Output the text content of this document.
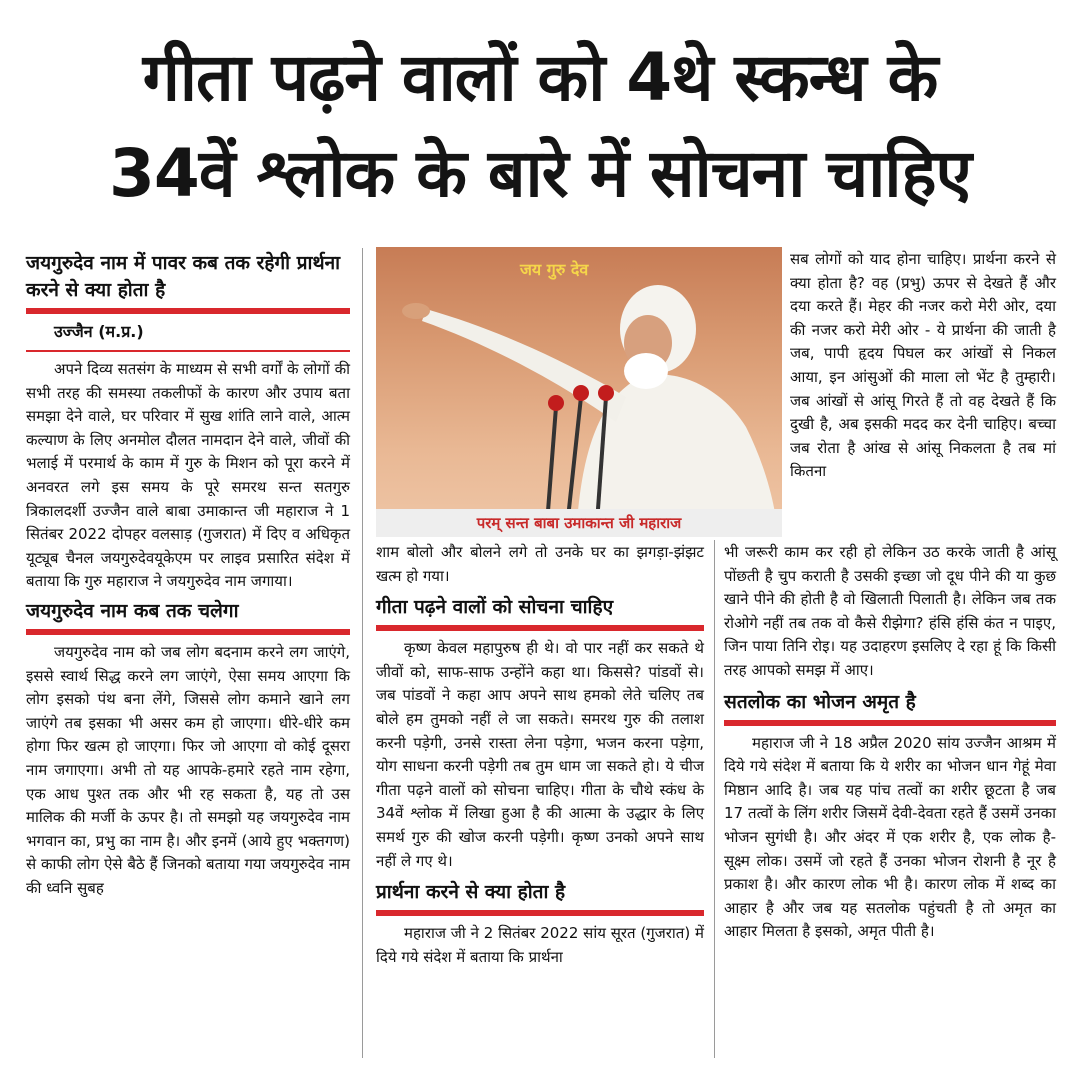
गीता पढ़ने वालों को 4थे स्कन्ध के
34वें श्लोक के बारे में सोचना चाहिए
जयगुरुदेव नाम में पावर कब तक रहेगी प्रार्थना करने से क्या होता है
उज्जैन (म.प्र.)

अपने दिव्य सतसंग के माध्यम से सभी वर्गों के लोगों की सभी तरह की समस्या तकलीफों के कारण और उपाय बता समझा देने वाले, घर परिवार में सुख शांति लाने वाले, आत्म कल्याण के लिए अनमोल दौलत नामदान देने वाले, जीवों की भलाई में परमार्थ के काम में गुरु के मिशन को पूरा करने में अनवरत लगे इस समय के पूरे समरथ सन्त सतगुरु त्रिकालदर्शी उज्जैन वाले बाबा उमाकान्त जी महाराज ने 1 सितंबर 2022 दोपहर वलसाड़ (गुजरात) में दिए व अधिकृत यूट्यूब चैनल जयगुरुदेवयूकेएम पर लाइव प्रसारित संदेश में बताया कि गुरु महाराज ने जयगुरुदेव नाम जगाया।

जयगुरुदेव नाम कब तक चलेगा

जयगुरुदेव नाम को जब लोग बदनाम करने लग जाएंगे, इससे स्वार्थ सिद्ध करने लग जाएंगे, ऐसा समय आएगा कि लोग इसको पंथ बना लेंगे, जिससे लोग कमाने खाने लग जाएंगे तब इसका भी असर कम हो जाएगा। धीरे-धीरे कम होगा फिर खत्म हो जाएगा। फिर जो आएगा वो कोई दूसरा नाम जगाएगा। अभी तो यह आपके-हमारे रहते नाम रहेगा, एक आध पुश्त तक और भी रह सकता है, यह तो उस मालिक की मर्जी के ऊपर है। तो समझो यह जयगुरुदेव नाम भगवान का, प्रभु का नाम है। और इनमें (आये हुए भक्तगण) से काफी लोग ऐसे बैठे हैं जिनको बताया गया जयगुरुदेव नाम की ध्वनि सुबह

जय गुरु देव
परम् सन्त बाबा उमाकान्त जी महाराज

शाम बोलो और बोलने लगे तो उनके घर का झगड़ा-झंझट खत्म हो गया।

गीता पढ़ने वालों को सोचना चाहिए

कृष्ण केवल महापुरुष ही थे। वो पार नहीं कर सकते थे जीवों को, साफ-साफ उन्होंने कहा था। किससे? पांडवों से। जब पांडवों ने कहा आप अपने साथ हमको लेते चलिए तब बोले हम तुमको नहीं ले जा सकते। समरथ गुरु की तलाश करनी पड़ेगी, उनसे रास्ता लेना पड़ेगा, भजन करना पड़ेगा, योग साधना करनी पड़ेगी तब तुम धाम जा सकते हो। ये चीज गीता पढ़ने वालों को सोचना चाहिए। गीता के चौथे स्कंध के 34वें श्लोक में लिखा हुआ है की आत्मा के उद्धार के लिए समर्थ गुरु की खोज करनी पड़ेगी। कृष्ण उनको अपने साथ नहीं ले गए थे।

प्रार्थना करने से क्या होता है

महाराज जी ने 2 सितंबर 2022 सांय सूरत (गुजरात) में दिये गये संदेश में बताया कि प्रार्थना

सब लोगों को याद होना चाहिए। प्रार्थना करने से क्या होता है? वह (प्रभु) ऊपर से देखते हैं और दया करते हैं। मेहर की नजर करो मेरी ओर, दया की नजर करो मेरी ओर - ये प्रार्थना की जाती है जब, पापी हृदय पिघल कर आंखों से निकल आया, इन आंसुओं की माला लो भेंट है तुम्हारी। जब आंखों से आंसू गिरते हैं तो वह देखते हैं कि दुखी है, अब इसकी मदद कर देनी चाहिए। बच्चा जब रोता है आंख से आंसू निकलता है तब मां कितना

भी जरूरी काम कर रही हो लेकिन उठ करके जाती है आंसू पोंछती है चुप कराती है उसकी इच्छा जो दूध पीने की या कुछ खाने पीने की होती है वो खिलाती पिलाती है। लेकिन जब तक रोओगे नहीं तब तक वो कैसे रीझेगा? हंसि हंसि कंत न पाइए, जिन पाया तिनि रोइ। यह उदाहरण इसलिए दे रहा हूं कि किसी तरह आपको समझ में आए।

सतलोक का भोजन अमृत है

महाराज जी ने 18 अप्रैल 2020 सांय उज्जैन आश्रम में दिये गये संदेश में बताया कि ये शरीर का भोजन धान गेहूं मेवा मिष्ठान आदि है। जब यह पांच तत्वों का शरीर छूटता है जब 17 तत्वों के लिंग शरीर जिसमें देवी-देवता रहते हैं उसमें उनका भोजन सुगंधी है। और अंदर में एक शरीर है, एक लोक है- सूक्ष्म लोक। उसमें जो रहते हैं उनका भोजन रोशनी है नूर है प्रकाश है। और कारण लोक भी है। कारण लोक में शब्द का आहार है और जब यह सतलोक पहुंचती है तो अमृत का आहार मिलता है इसको, अमृत पीती है।
